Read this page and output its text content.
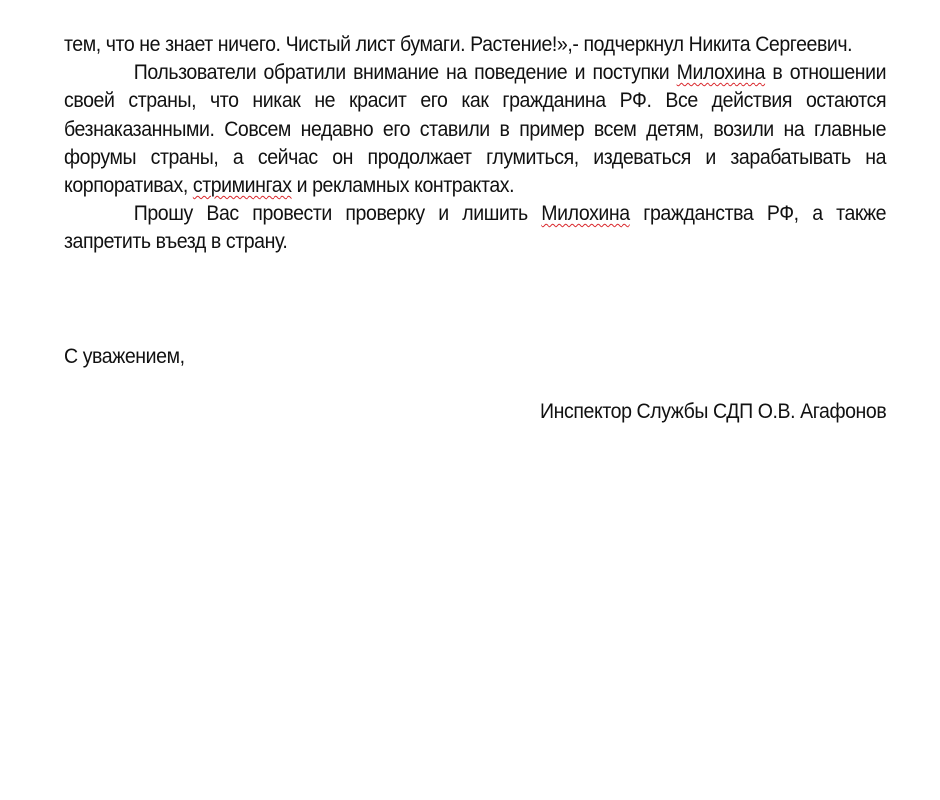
тем, что не знает ничего. Чистый лист бумаги. Растение!»,- подчеркнул Никита Сергеевич.

Пользователи обратили внимание на поведение и поступки Милохина в отношении своей страны, что никак не красит его как гражданина РФ. Все действия остаются безнаказанными. Совсем недавно его ставили в пример всем детям, возили на главные форумы страны, а сейчас он продолжает глумиться, издеваться и зарабатывать на корпоративах, стримингах и рекламных контрактах.

Прошу Вас провести проверку и лишить Милохина гражданства РФ, а также запретить въезд в страну.

С уважением,
Инспектор Службы СДП О.В. Агафонов
